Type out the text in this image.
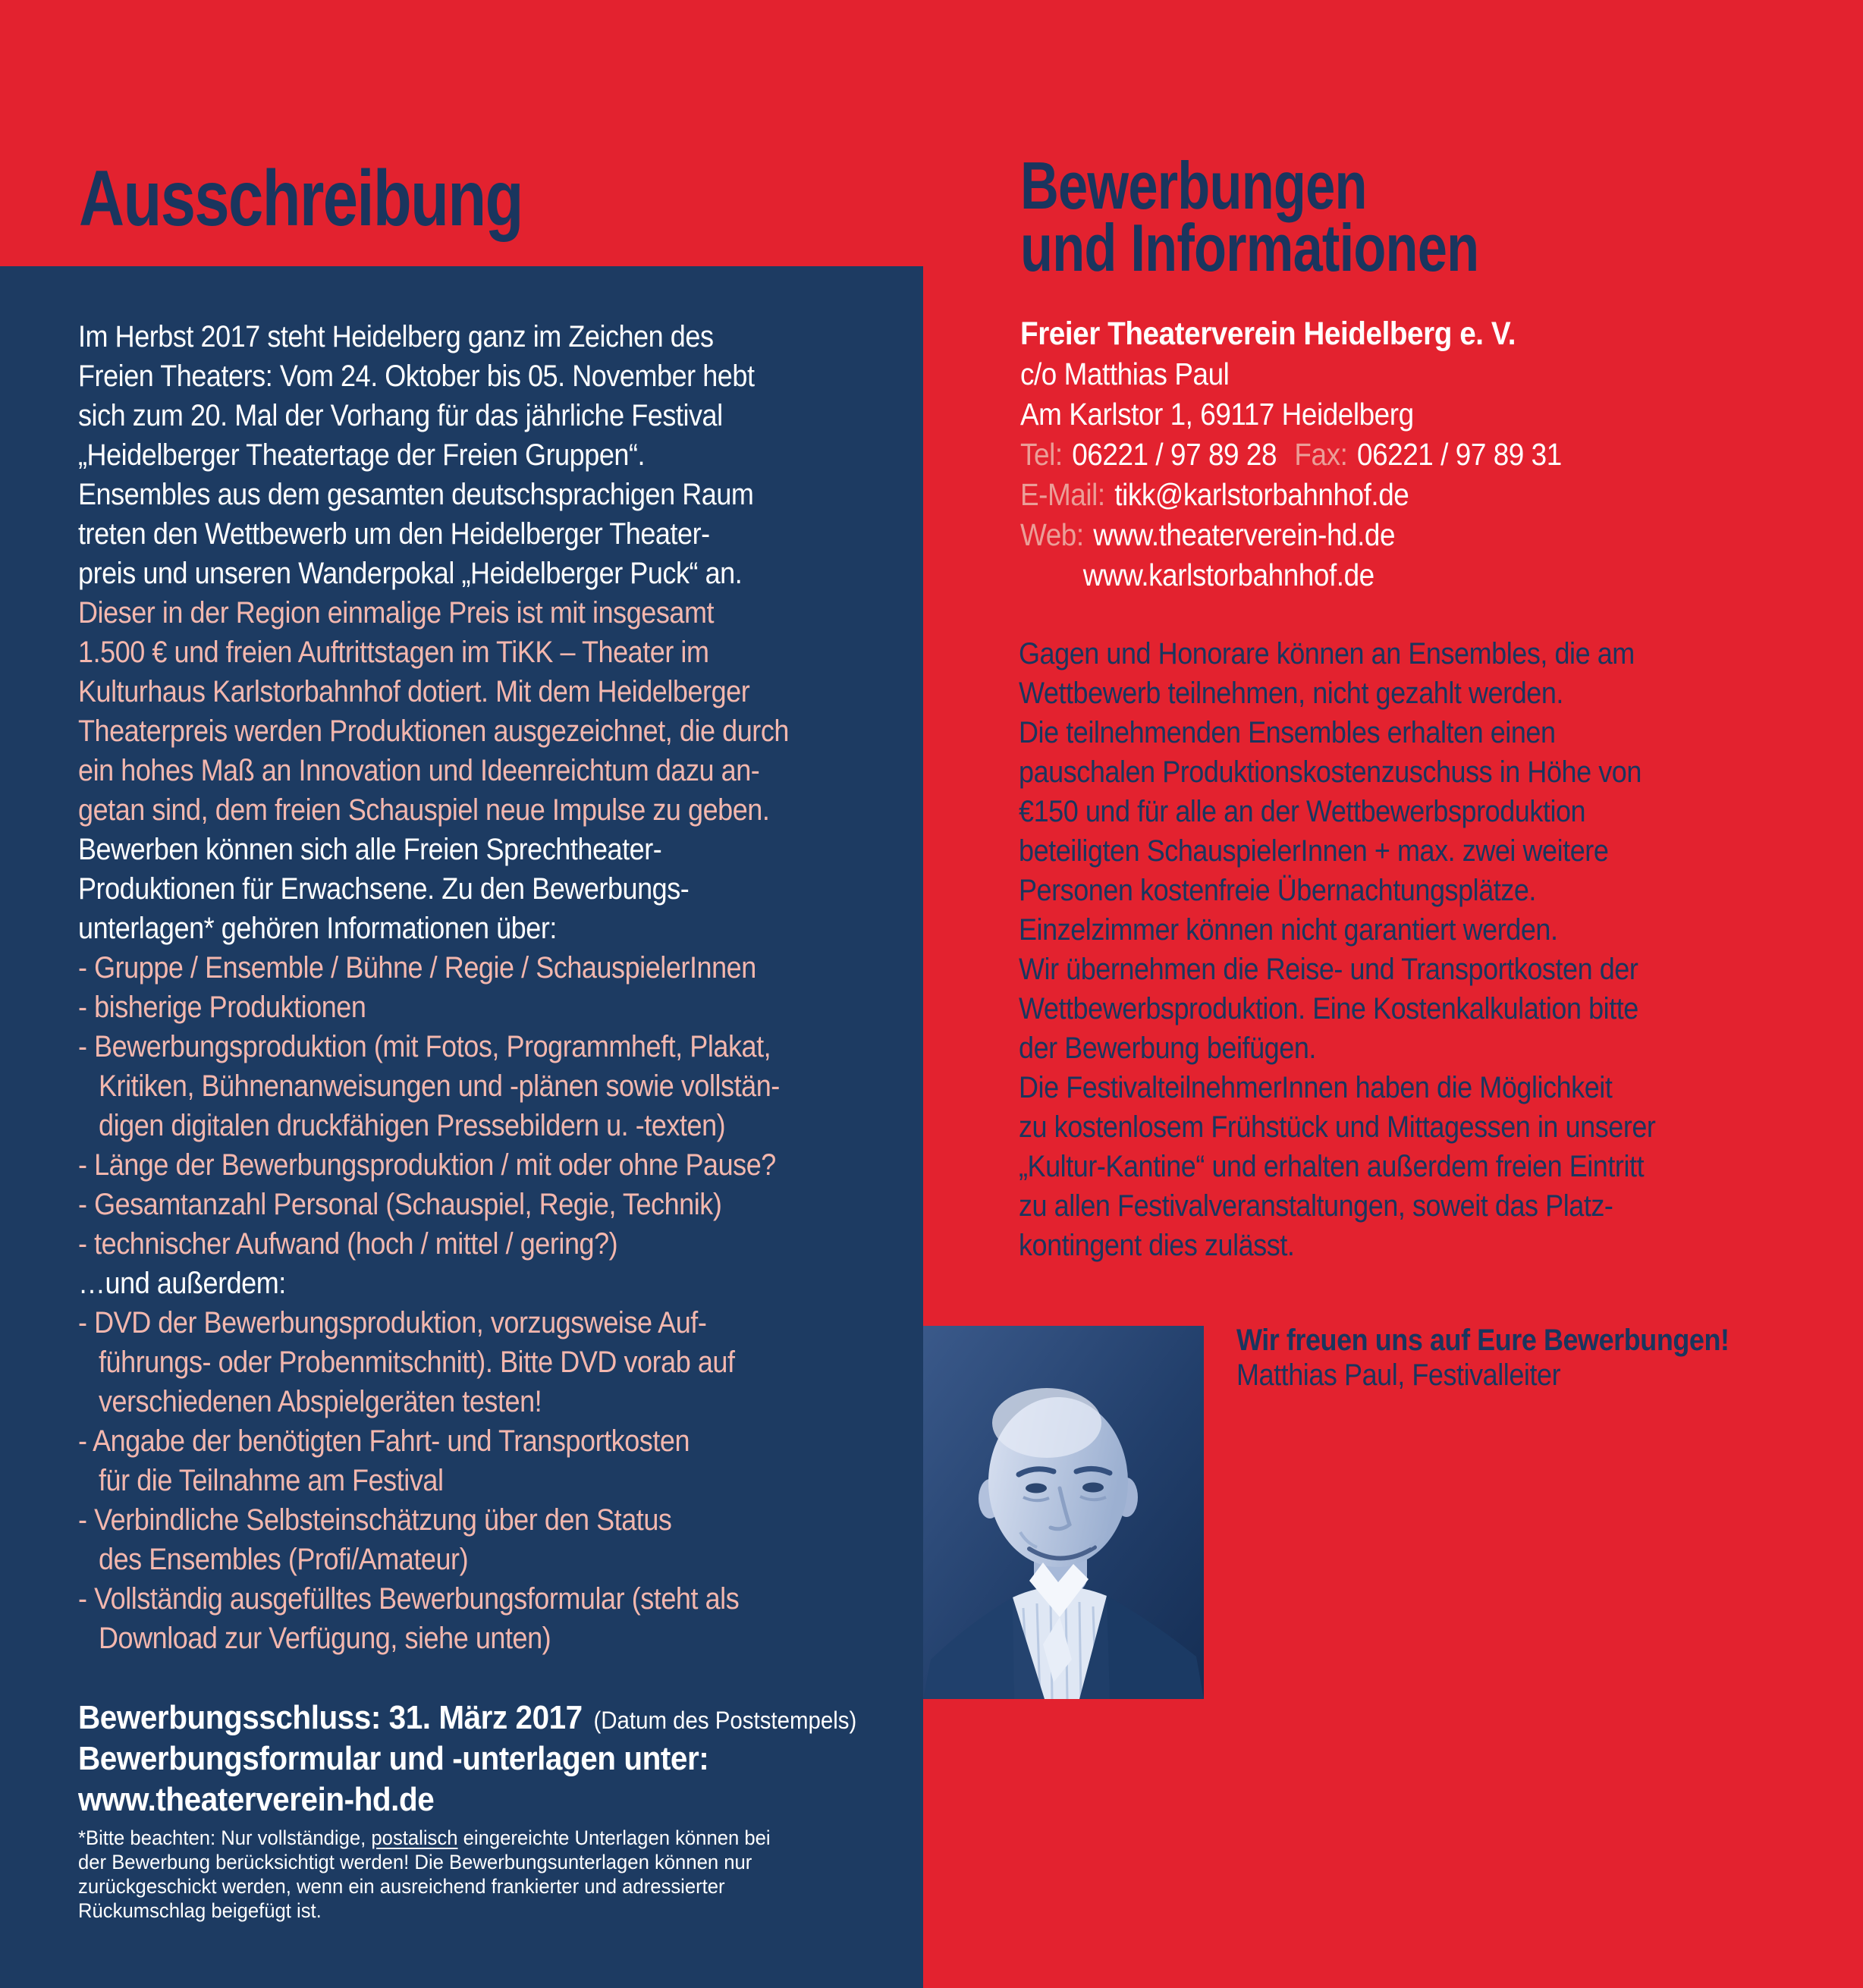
Ausschreibung	Bewerbungen
und Informationen
Im Herbst 2017 steht Heidelberg ganz im Zeichen des
Freien Theaters: Vom 24. Oktober bis 05. November hebt
sich zum 20. Mal der Vorhang für das jährliche Festival
„Heidelberger Theatertage der Freien Gruppen“.
Ensembles aus dem gesamten deutschsprachigen Raum
treten den Wettbewerb um den Heidelberger Theater-
preis und unseren Wanderpokal „Heidelberger Puck“ an.
Dieser in der Region einmalige Preis ist mit insgesamt
1.500 € und freien Auftrittstagen im TiKK – Theater im
Kulturhaus Karlstorbahnhof dotiert. Mit dem Heidelberger
Theaterpreis werden Produktionen ausgezeichnet, die durch
ein hohes Maß an Innovation und Ideenreichtum dazu an-
getan sind, dem freien Schauspiel neue Impulse zu geben.
Bewerben können sich alle Freien Sprechtheater-
Produktionen für Erwachsene. Zu den Bewerbungs-
unterlagen* gehören Informationen über:
- Gruppe / Ensemble / Bühne / Regie / SchauspielerInnen
- bisherige Produktionen
- Bewerbungsproduktion (mit Fotos, Programmheft, Plakat,
Kritiken, Bühnenanweisungen und -plänen sowie vollstän-
digen digitalen druckfähigen Pressebildern u. -texten)
- Länge der Bewerbungsproduktion / mit oder ohne Pause?
- Gesamtanzahl Personal (Schauspiel, Regie, Technik)
- technischer Aufwand (hoch / mittel / gering?)
…und außerdem:
- DVD der Bewerbungsproduktion, vorzugsweise Auf-
führungs- oder Probenmitschnitt). Bitte DVD vorab auf
verschiedenen Abspielgeräten testen!
- Angabe der benötigten Fahrt- und Transportkosten
für die Teilnahme am Festival
- Verbindliche Selbsteinschätzung über den Status
des Ensembles (Profi/Amateur)
- Vollständig ausgefülltes Bewerbungsformular (steht als
Download zur Verfügung, siehe unten)
Bewerbungsschluss: 31. März 2017 (Datum des Poststempels)
Bewerbungsformular und -unterlagen unter:
www.theaterverein-hd.de
*Bitte beachten: Nur vollständige, postalisch eingereichte Unterlagen können bei
der Bewerbung berücksichtigt werden! Die Bewerbungsunterlagen können nur
zurückgeschickt werden, wenn ein ausreichend frankierter und adressierter
Rückumschlag beigefügt ist.
Freier Theaterverein Heidelberg e. V.
c/o Matthias Paul
Am Karlstor 1, 69117 Heidelberg
Tel: 06221 / 97 89 28 Fax: 06221 / 97 89 31
E-Mail: tikk@karlstorbahnhof.de
Web: www.theaterverein-hd.de
www.karlstorbahnhof.de
Gagen und Honorare können an Ensembles, die am
Wettbewerb teilnehmen, nicht gezahlt werden.
Die teilnehmenden Ensembles erhalten einen
pauschalen Produktionskostenzuschuss in Höhe von
€150 und für alle an der Wettbewerbsproduktion
beteiligten SchauspielerInnen + max. zwei weitere
Personen kostenfreie Übernachtungsplätze.
Einzelzimmer können nicht garantiert werden.
Wir übernehmen die Reise- und Transportkosten der
Wettbewerbsproduktion. Eine Kostenkalkulation bitte
der Bewerbung beifügen.
Die FestivalteilnehmerInnen haben die Möglichkeit
zu kostenlosem Frühstück und Mittagessen in unserer
„Kultur-Kantine“ und erhalten außerdem freien Eintritt
zu allen Festivalveranstaltungen, soweit das Platz-
kontingent dies zulässt.
Wir freuen uns auf Eure Bewerbungen!
Matthias Paul, Festivalleiter
